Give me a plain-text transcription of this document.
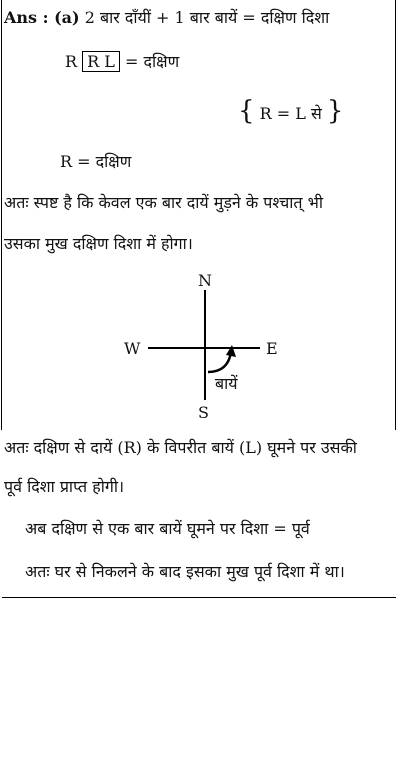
Ans : (a) 2 बार दाँयीं + 1 बार बायें = दक्षिण दिशा
R R L = दक्षिण
{ R = L से }
R = दक्षिण
अतः स्पष्ट है कि केवल एक बार दायें मुड़ने के पश्चात् भी
उसका मुख दक्षिण दिशा में होगा।
N
S
E
W
बायें
अतः दक्षिण से दायें (R) के विपरीत बायें (L) घूमने पर उसकी
पूर्व दिशा प्राप्त होगी।
अब दक्षिण से एक बार बायें घूमने पर दिशा = पूर्व
अतः घर से निकलने के बाद इसका मुख पूर्व दिशा में था।
